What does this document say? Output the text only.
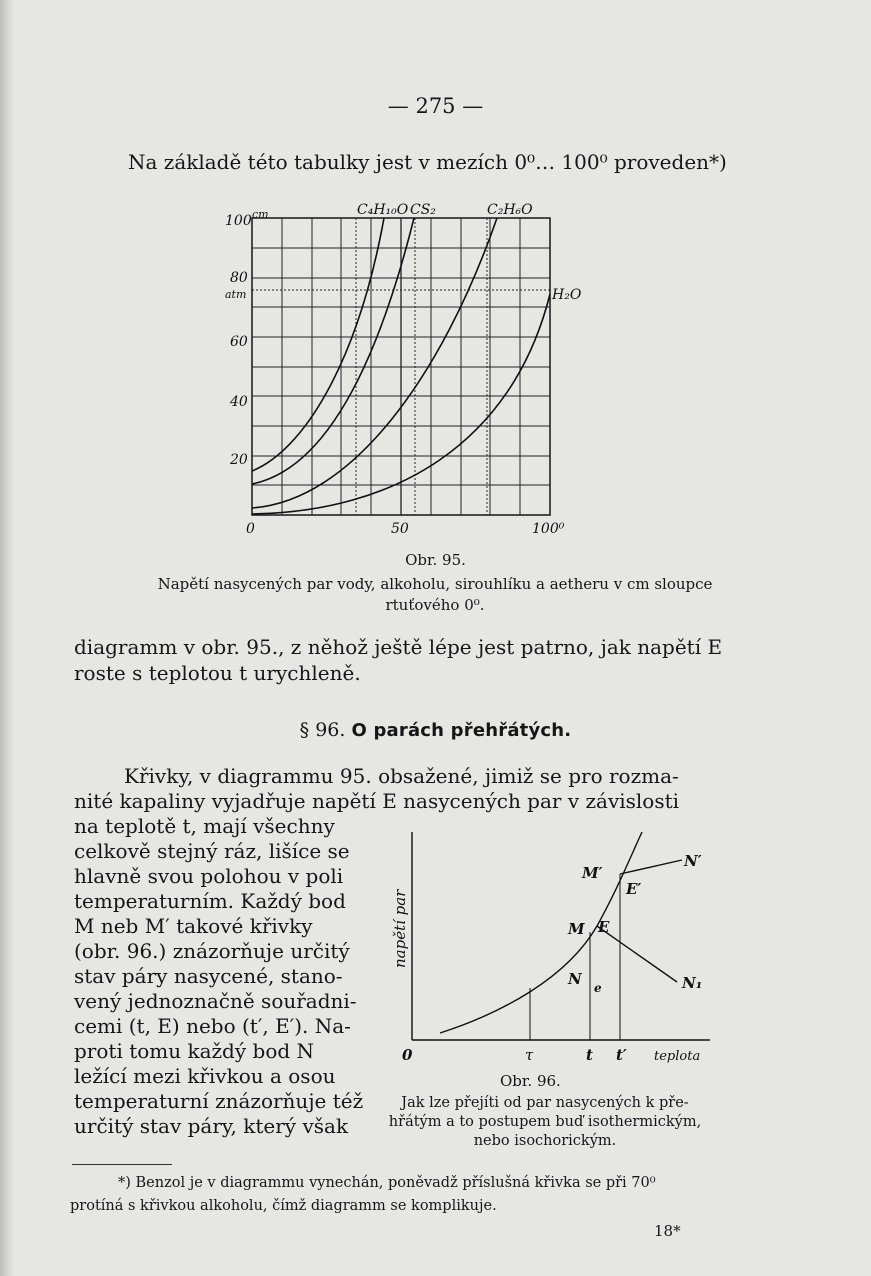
— 275 —
Na základě této tabulky jest v mezích 0⁰… 100⁰ proveden*)
100
80
60
40
20
cm
atm
0	50	100⁰
C₄H₁₀O CS₂	C₂H₆O
H₂O
Obr. 95.
Napětí nasycených par vody, alkoholu, sirouhlíku a aetheru v cm sloupce
rtuťového 0⁰.
diagramm v obr. 95., z něhož ještě lépe jest patrno, jak napětí E
roste s teplotou t urychleně.
§ 96. O parách přehřátých.
Křivky, v diagrammu 95. obsažené, jimiž se pro rozma-
nité kapaliny vyjadřuje napětí E nasycených par v závislosti
na teplotě t, mají všechny
celkově stejný ráz, lišíce se
hlavně svou polohou v poli
temperaturním. Každý bod
M neb M′ takové křivky
(obr. 96.) znázorňuje určitý
stav páry nasycené, stano-
vený jednoznačně souřadni-
cemi (t, E) nebo (t′, E′). Na-
proti tomu každý bod N
ležící mezi křivkou a osou
temperaturní znázorňuje též
určitý stav páry, který však
M′
E′
N′
M E
N e	N₁
napětí par
0	τ	t t′ teplota
Obr. 96.
Jak lze přejíti od par nasycených k pře-
hřátým a to postupem buď isothermickým,
nebo isochorickým.
*) Benzol je v diagrammu vynechán, poněvadž příslušná křivka se při 70⁰
protíná s křivkou alkoholu, čímž diagramm se komplikuje.
18*
